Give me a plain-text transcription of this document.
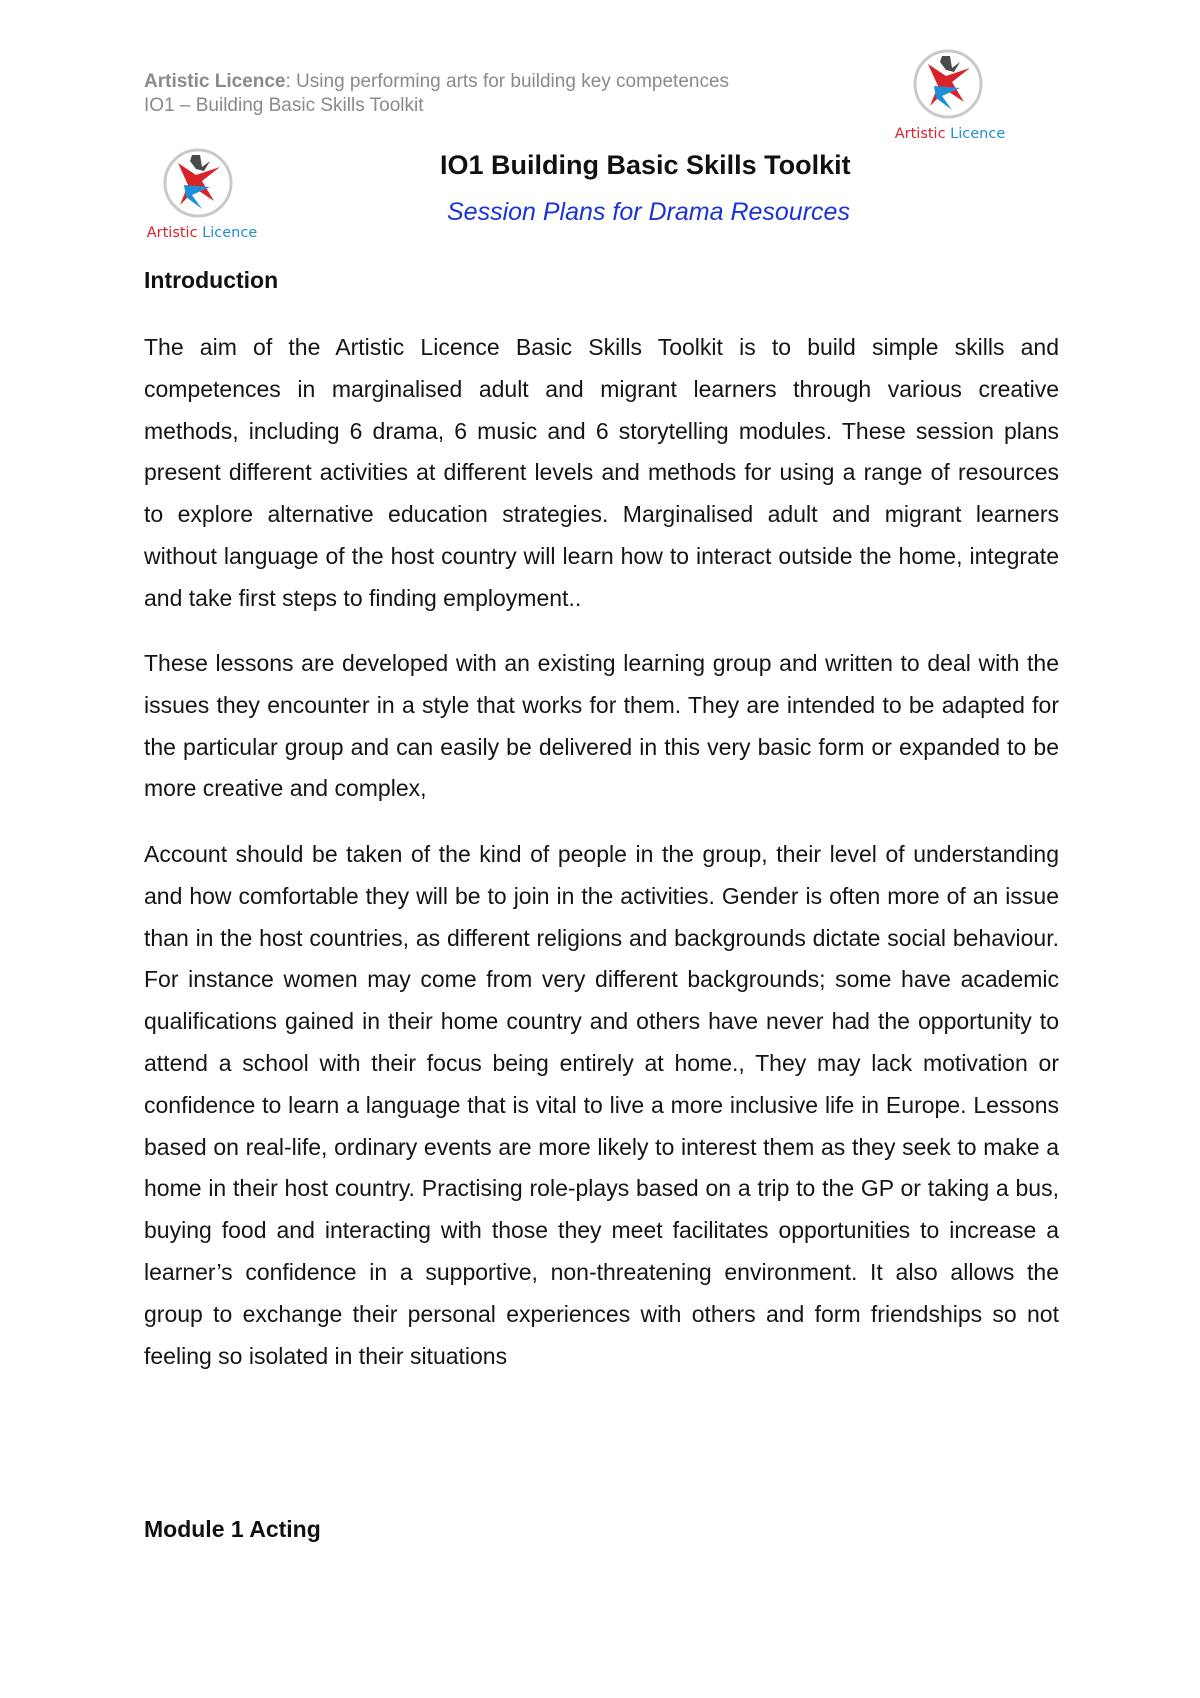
Artistic Licence: Using performing arts for building key competences
IO1 – Building Basic Skills Toolkit
Artistic Licence
Artistic Licence
IO1 Building Basic Skills Toolkit
Session Plans for Drama Resources
Introduction
The aim of the Artistic Licence Basic Skills Toolkit is to build simple skills and competences in marginalised adult and migrant learners through various creative methods, including 6 drama, 6 music and 6 storytelling modules. These session plans present different activities at different levels and methods for using a range of resources to explore alternative education strategies. Marginalised adult and migrant learners without language of the host country will learn how to interact outside the home, integrate and take first steps to finding employment..
These lessons are developed with an existing learning group and written to deal with the issues they encounter in a style that works for them. They are intended to be adapted for the particular group and can easily be delivered in this very basic form or expanded to be more creative and complex,
Account should be taken of the kind of people in the group, their level of understanding and how comfortable they will be to join in the activities. Gender is often more of an issue than in the host countries, as different religions and backgrounds dictate social behaviour. For instance women may come from very different backgrounds; some have academic qualifications gained in their home country and others have never had the opportunity to attend a school with their focus being entirely at home., They may lack motivation or confidence to learn a language that is vital to live a more inclusive life in Europe. Lessons based on real-life, ordinary events are more likely to interest them as they seek to make a home in their host country. Practising role-plays based on a trip to the GP or taking a bus, buying food and interacting with those they meet facilitates opportunities to increase a learner’s confidence in a supportive, non-threatening environment. It also allows the group to exchange their personal experiences with others and form friendships so not feeling so isolated in their situations
Module 1 Acting
